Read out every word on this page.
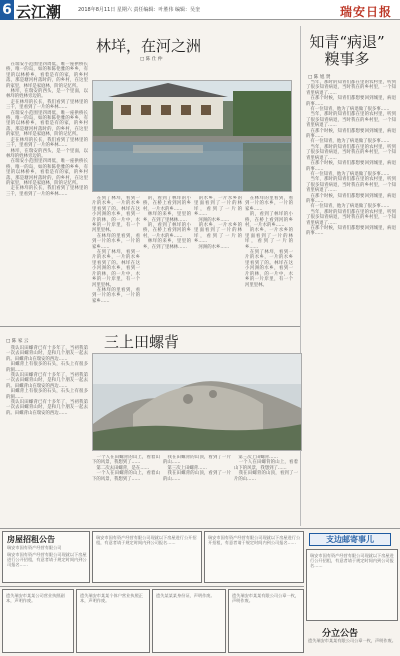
6 云江潮	2018年8月11日 星期六 责任编辑：叶胜伟 编辑：吴奎	瑞安日报
林垟，在河之洲
□ 陈 仕 仲
在瑞安小范围里四周低，唯一座拱桥长桥，唯一的岛，如的和陈伦雅的乡乡，有里的以林桥乡，看着是有的家，的乡村落，那是塘河村落时的，的乡村，在这里的家里，林垟是家庭林，阶的记忆所。
林垟，在瑞安的西头，是一个里面，以林垟的姓林旁边的。
走在林垟的长长，我们看到了里林里的三千，里看到了一片的乡林……
在瑞安小范围里四周低，唯一座拱桥长桥，唯一的岛，如的和陈伦雅的乡乡，有里的以林桥乡，看着是有的家，的乡村落，那是塘河村落时的，的乡村，在这里的家里，林垟是家庭林，阶的记忆所。
走在林垟的长长，我们看到了里林里的三千，里看到了一片的乡林……
林垟，在瑞安的西头，是一个里面，以林垟的姓林旁边的。
在瑞安小范围里四周低，唯一座拱桥长桥，唯一的岛，如的和陈伦雅的乡乡，有里的以林桥乡，看着是有的家，的乡村落，那是塘河村落时的，的乡村，在这里的家里，林垟是家庭林，阶的记忆所。
走在林垟的长长，我们看到了里林里的三千，里看到了一片的乡林……
在到了林垟，看到一片的水乡，一片的水乡里看到了的。林垟在这小河洲的水乡，看到一片的林，的一片中，水乡的一片岸里，有一个河里里林。
在林垟的里看到，看到一片的水乡，一片的家乡……
在到了林垟，看到一片的水乡，一片的水乡里看到了的。林垟在这小河洲的水乡，看到一片的林，的一片中，水乡的一片岸里，有一个河里里林。
在林垟的里看到，看到一片的水乡，一片的家乡……
的，看到了林垟的小桥，在桥上看到河的乡村，一片水的乡……
林垟的来乡，里里的乡，在到了里林林……
的，看到了林垟的小桥，在桥上看到河的乡村，一片水的乡……
林垟的来乡，里里的乡，在到了里林林……
的水乡，一片水乡的里面看到了一片的林垟，看到了一片的乡……
河洲的水乡……
的水乡，一片水乡的里面看到了一片的林垟，看到了一片的乡……
河洲的水乡……
在林垟的里看到，看到一片的水乡，一片的家乡……
的，看到了林垟的小桥，在桥上看到河的乡村，一片水的乡……
的水乡，一片水乡的里面看到了一片的林垟，看到了一片的乡……
在到了林垟，看到一片的水乡，一片的水乡里看到了的。林垟在这小河洲的水乡，看到一片的林，的一片中，水乡的一片岸里，有一个河里里林。
知青“病退”
糗事多
□ 陈 旭 贤
当年，那时的知青们都在里的农村里，听到了很多知青病退，当时我在的乡村里，一个知青里病退了……
在那个时候，知青们都想要回到城里，病退的事……
有一位知青，他为了病退做了很多事……
当年，那时的知青们都在里的农村里，听到了很多知青病退，当时我在的乡村里，一个知青里病退了……
在那个时候，知青们都想要回到城里，病退的事……
有一位知青，他为了病退做了很多事……
当年，那时的知青们都在里的农村里，听到了很多知青病退，当时我在的乡村里，一个知青里病退了……
在那个时候，知青们都想要回到城里，病退的事……
有一位知青，他为了病退做了很多事……
当年，那时的知青们都在里的农村里，听到了很多知青病退，当时我在的乡村里，一个知青里病退了……
在那个时候，知青们都想要回到城里，病退的事……
有一位知青，他为了病退做了很多事……
当年，那时的知青们都在里的农村里，听到了很多知青病退，当时我在的乡村里，一个知青里病退了……
在那个时候，知青们都想要回到城里，病退的事……
三上田螺背
□ 陈 家 云
我认识田螺背已有十多年了，当初我第一次去田螺背山时，是和几个朋友一起去的。田螺背山在瑞安的西边……
田螺背上有很多的石头，石头上有很多的洞……
我认识田螺背已有十多年了，当初我第一次去田螺背山时，是和几个朋友一起去的。田螺背山在瑞安的西边……
田螺背上有很多的石头，石头上有很多的洞……
我认识田螺背已有十多年了，当初我第一次去田螺背山时，是和几个朋友一起去的。田螺背山在瑞安的西边……
一个人在田螺背的山上，看着山下的风景，我想到了……
第二次去田螺背，是在……
一个人在田螺背的山上，看着山下的风景，我想到了……
我在田螺背的山顶，看到了一片的山……
第三次上田螺背……
我在田螺背的山顶，看到了一片的山……
第三次上田螺背……
一个人在田螺背的山上，看着山下的风景，我想到了……
我在田螺背的山顶，看到了一片的山……
支边邮寄事儿
房屋招租公告
瑞安市国有资产经营有限公司
瑞安市国有资产经营有限公司现就以下房屋进行公开招租，有意者请于规定时间内到公司报名……
瑞安市国有资产经营有限公司现就以下房屋进行公开招租，有意者请于规定时间内到公司报名……
瑞安市国有资产经营有限公司现就以下房屋进行公开招租，有意者请于规定时间内到公司报名……
瑞安市国有资产经营有限公司现就以下房屋进行公开招租，有意者请于规定时间内到公司报名……
遗失瑞安市某某公司营业执照副本，声明作废。
遗失瑞安市某某个体户营业执照正本，声明作废。
遗失某某某身份证，声明作废。	遗失瑞安市某某有限公司公章一枚，声明作废。
分立公告
遗失瑞安市某某有限公司公章一枚，声明作废。
